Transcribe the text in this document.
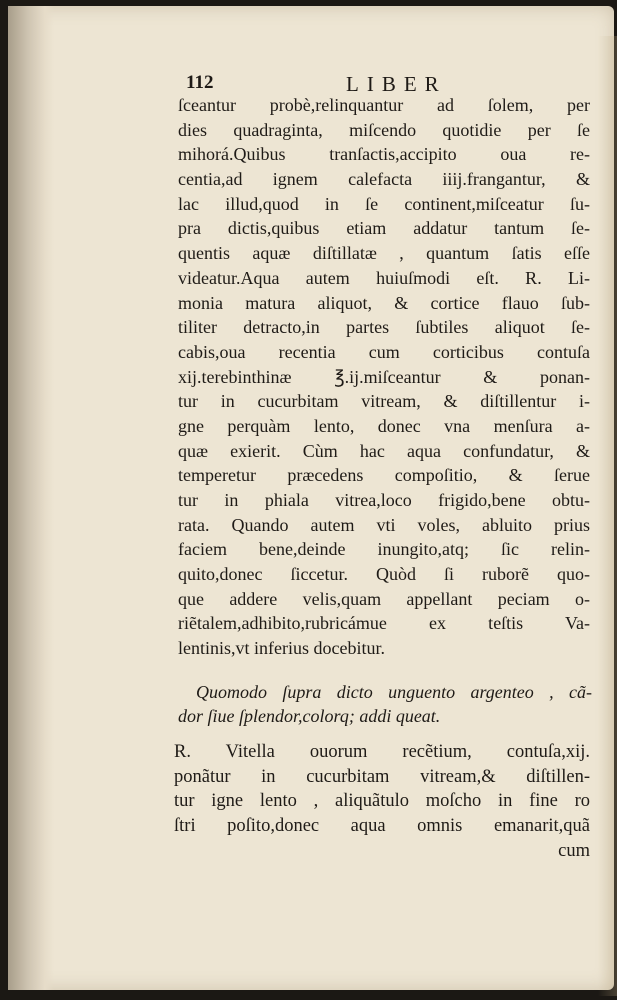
112	LIBER
ſceantur probè,relinquantur ad ſolem, per
dies quadraginta, miſcendo quotidie per ſe
mihorá.Quibus tranſactis,accipito oua re-
centia,ad ignem calefacta iiij.frangantur, &
lac illud,quod in ſe continent,miſceatur ſu-
pra dictis,quibus etiam addatur tantum ſe-
quentis aquæ diſtillatæ , quantum ſatis eſſe
videatur.Aqua autem huiuſmodi eſt. R. Li-
monia matura aliquot, & cortice flauo ſub-
tiliter detracto,in partes ſubtiles aliquot ſe-
cabis,oua recentia cum corticibus contuſa
xij.terebinthinæ ℥.ij.miſceantur & ponan-
tur in cucurbitam vitream, & diſtillentur i-
gne perquàm lento, donec vna menſura a-
quæ exierit. Cùm hac aqua confundatur, &
temperetur præcedens compoſitio, & ſerue
tur in phiala vitrea,loco frigido,bene obtu-
rata. Quando autem vti voles, abluito prius
faciem bene,deinde inungito,atq; ſic relin-
quito,donec ſiccetur. Quòd ſi ruborẽ quo-
que addere velis,quam appellant peciam o-
riẽtalem,adhibito,rubricámue ex teſtis Va-
lentinis,vt inferius docebitur.
Quomodo ſupra dicto unguento argenteo , cã-
dor ſiue ſplendor,colorq; addi queat.
R. Vitella ouorum recẽtium, contuſa,xij.
ponãtur in cucurbitam vitream,& diſtillen-
tur igne lento , aliquãtulo moſcho in fine ro
ſtri poſito,donec aqua omnis emanarit,quã
cum
